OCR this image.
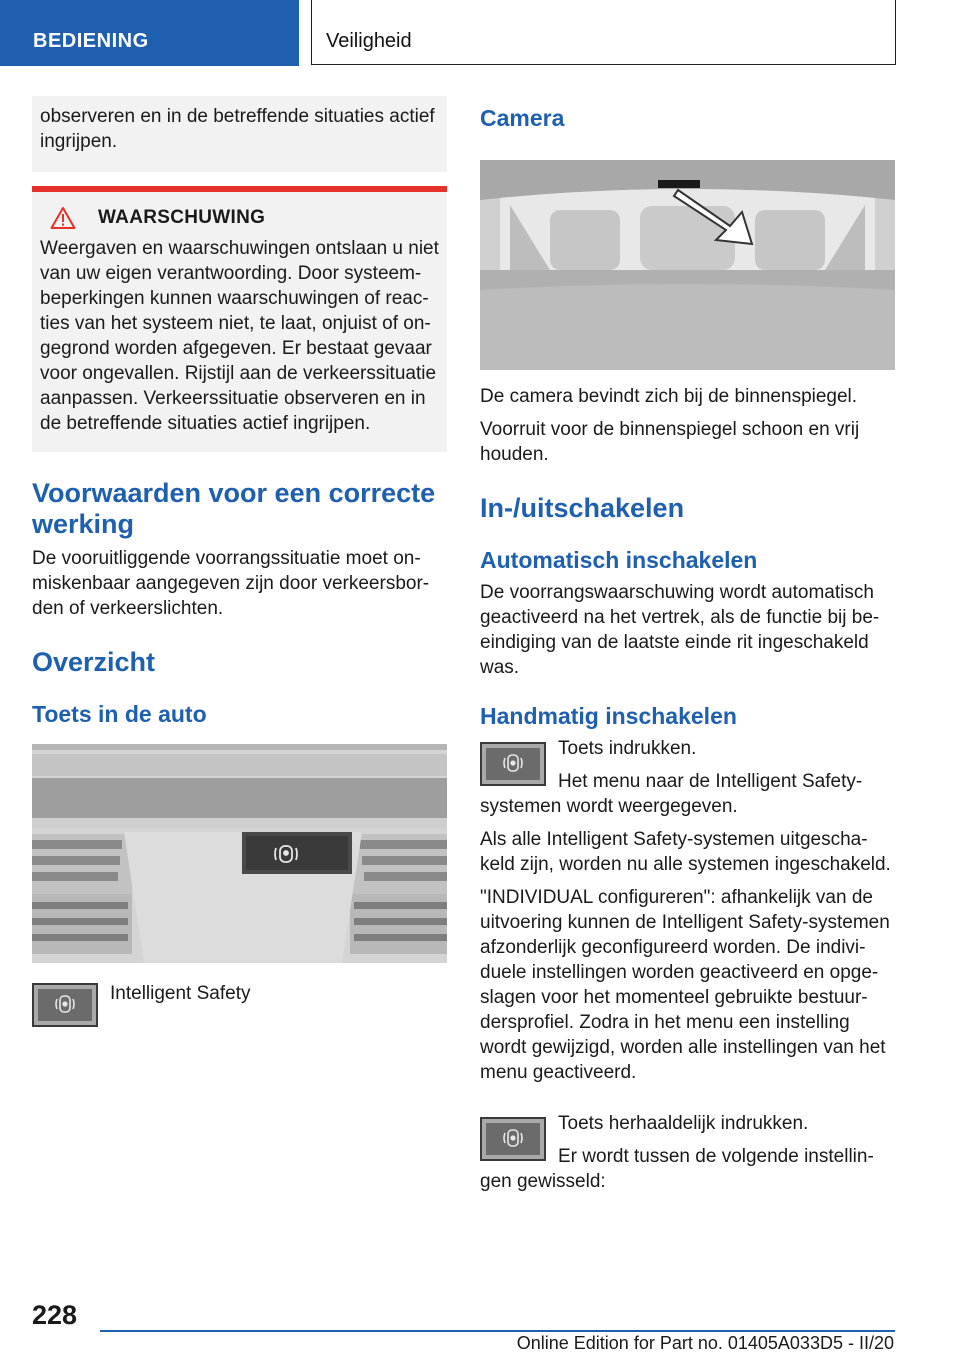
BEDIENING	Veiligheid

observeren en in de betreffende situaties actief ingrijpen.

WAARSCHUWING

Weergaven en waarschuwingen ontslaan u niet van uw eigen verantwoording. Door systeem-beperkingen kunnen waarschuwingen of reac-ties van het systeem niet, te laat, onjuist of on-gegrond worden afgegeven. Er bestaat gevaar voor ongevallen. Rijstijl aan de verkeerssituatie aanpassen. Verkeerssituatie observeren en in de betreffende situaties actief ingrijpen.

Voorwaarden voor een correcte werking

De vooruitliggende voorrangssituatie moet on-miskenbaar aangegeven zijn door verkeersbor-den of verkeerslichten.

Overzicht
Toets in de auto

Intelligent Safety

Camera

De camera bevindt zich bij de binnenspiegel.

Voorruit voor de binnenspiegel schoon en vrij houden.

In-/uitschakelen
Automatisch inschakelen

De voorrangswaarschuwing wordt automatisch geactiveerd na het vertrek, als de functie bij be-eindiging van de laatste einde rit ingeschakeld was.

Handmatig inschakelen

Toets indrukken.

Het menu naar de Intelligent Safety-

systemen wordt weergegeven.

Als alle Intelligent Safety-systemen uitgescha-keld zijn, worden nu alle systemen ingeschakeld.

"INDIVIDUAL configureren": afhankelijk van de uitvoering kunnen de Intelligent Safety-systemen afzonderlijk geconfigureerd worden. De indivi-duele instellingen worden geactiveerd en opge-slagen voor het momenteel gebruikte bestuur-dersprofiel. Zodra in het menu een instelling wordt gewijzigd, worden alle instellingen van het menu geactiveerd.

Toets herhaaldelijk indrukken.

Er wordt tussen de volgende instellin-

gen gewisseld:

228
Online Edition for Part no. 01405A033D5 - II/20
